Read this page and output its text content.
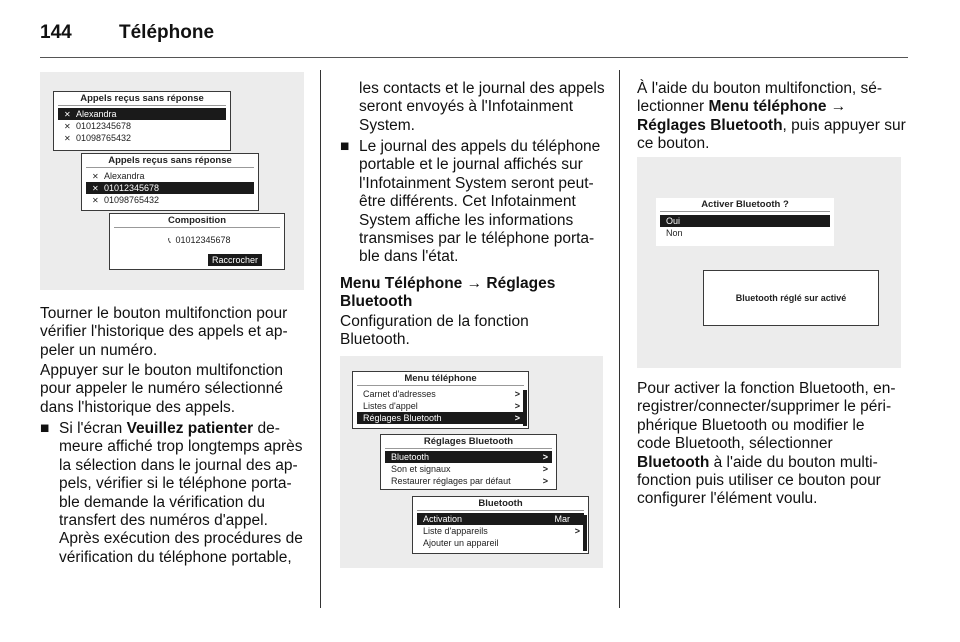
144 Téléphone
Appels reçus sans réponse
✕ Alexandra
✕ 01012345678
✕ 01098765432
Appels reçus sans réponse
✕ Alexandra
✕ 01012345678
✕ 01098765432
Composition
📞︎ 01012345678
Raccrocher
Tourner le bouton multifonction pour
vérifier l'historique des appels et ap-
peler un numéro.
Appuyer sur le bouton multifonction
pour appeler le numéro sélectionné
dans l'historique des appels.
■ Si l'écran Veuillez patienter de-
meure affiché trop longtemps après
la sélection dans le journal des ap-
pels, vérifier si le téléphone porta-
ble demande la vérification du
transfert des numéros d'appel.
Après exécution des procédures de
vérification du téléphone portable,
les contacts et le journal des appels
seront envoyés à l'Infotainment
System.
■ Le journal des appels du téléphone
portable et le journal affichés sur
l'Infotainment System seront peut-
être différents. Cet Infotainment
System affiche les informations
transmises par le téléphone porta-
ble dans l'état.
Menu Téléphone → Réglages
Bluetooth
Configuration de la fonction
Bluetooth.
Menu téléphone
Carnet d'adresses	>
Listes d'appel	>
Réglages Bluetooth	>
Réglages Bluetooth
Bluetooth	>
Son et signaux	>
Restaurer réglages par défaut	>
Bluetooth
Activation	Mar
Liste d'appareils	>
Ajouter un appareil
À l'aide du bouton multifonction, sé-
lectionner Menu téléphone →
Réglages Bluetooth, puis appuyer sur
ce bouton.
Activer Bluetooth ?
Oui
Non
Bluetooth réglé sur activé
Pour activer la fonction Bluetooth, en-
registrer/connecter/supprimer le péri-
phérique Bluetooth ou modifier le
code Bluetooth, sélectionner
Bluetooth à l'aide du bouton multi-
fonction puis utiliser ce bouton pour
configurer l'élément voulu.
